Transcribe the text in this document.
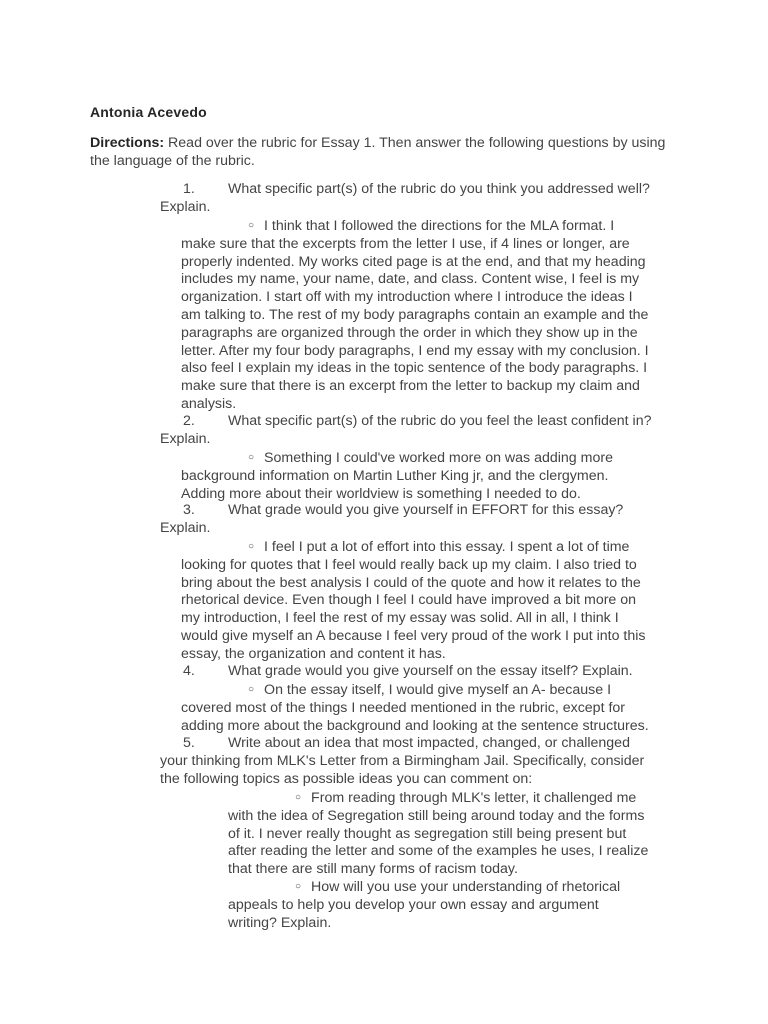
Antonia Acevedo
Directions: Read over the rubric for Essay 1. Then answer the following questions by using the language of the rubric.
1. What specific part(s) of the rubric do you think you addressed well?
Explain.
○ I think that I followed the directions for the MLA format. I
make sure that the excerpts from the letter I use, if 4 lines or longer, are
properly indented. My works cited page is at the end, and that my heading
includes my name, your name, date, and class. Content wise, I feel is my
organization. I start off with my introduction where I introduce the ideas I
am talking to. The rest of my body paragraphs contain an example and the
paragraphs are organized through the order in which they show up in the
letter. After my four body paragraphs, I end my essay with my conclusion. I
also feel I explain my ideas in the topic sentence of the body paragraphs. I
make sure that there is an excerpt from the letter to backup my claim and
analysis.
2. What specific part(s) of the rubric do you feel the least confident in?
Explain.
○ Something I could've worked more on was adding more
background information on Martin Luther King jr, and the clergymen.
Adding more about their worldview is something I needed to do.
3. What grade would you give yourself in EFFORT for this essay?
Explain.
○ I feel I put a lot of effort into this essay. I spent a lot of time
looking for quotes that I feel would really back up my claim. I also tried to
bring about the best analysis I could of the quote and how it relates to the
rhetorical device. Even though I feel I could have improved a bit more on
my introduction, I feel the rest of my essay was solid. All in all, I think I
would give myself an A because I feel very proud of the work I put into this
essay, the organization and content it has.
4. What grade would you give yourself on the essay itself? Explain.
○ On the essay itself, I would give myself an A- because I
covered most of the things I needed mentioned in the rubric, except for
adding more about the background and looking at the sentence structures.
5. Write about an idea that most impacted, changed, or challenged
your thinking from MLK's Letter from a Birmingham Jail. Specifically, consider
the following topics as possible ideas you can comment on:
○ From reading through MLK's letter, it challenged me
with the idea of Segregation still being around today and the forms
of it. I never really thought as segregation still being present but
after reading the letter and some of the examples he uses, I realize
that there are still many forms of racism today.
○ How will you use your understanding of rhetorical
appeals to help you develop your own essay and argument
writing? Explain.
